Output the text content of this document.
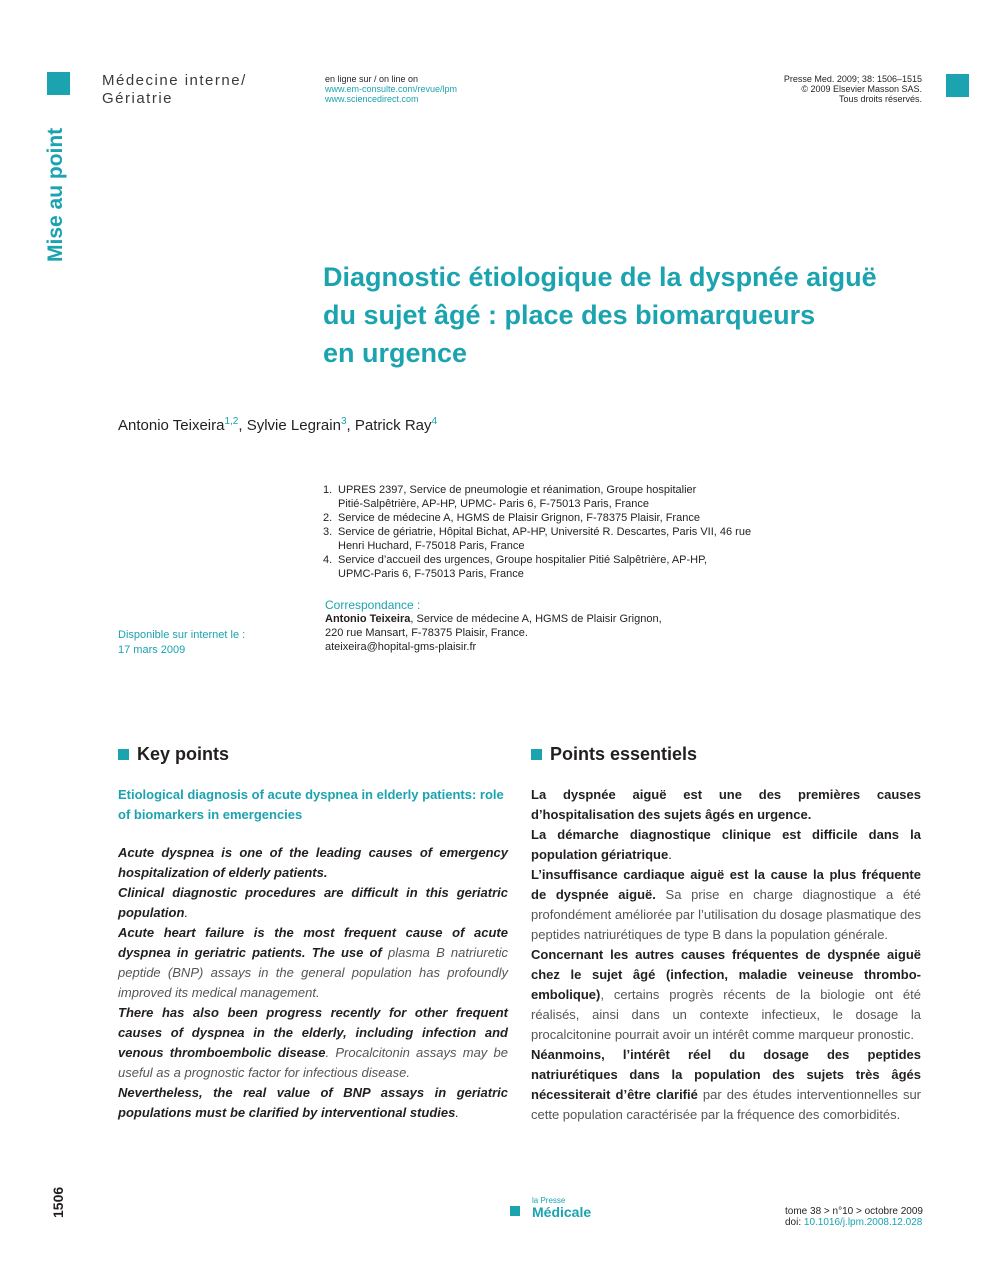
Médecine interne/
Gériatrie
en ligne sur / on line on
www.em-consulte.com/revue/lpm
www.sciencedirect.com
Presse Med. 2009; 38: 1506–1515
© 2009 Elsevier Masson SAS.
Tous droits réservés.
Mise au point
Diagnostic étiologique de la dyspnée aiguë
du sujet âgé : place des biomarqueurs
en urgence
Antonio Teixeira$^{1,2}$, Sylvie Legrain$^3$, Patrick Ray$^4$
1. UPRES 2397, Service de pneumologie et réanimation, Groupe hospitalier
Pitié-Salpêtrière, AP-HP, UPMC- Paris 6, F-75013 Paris, France
2. Service de médecine A, HGMS de Plaisir Grignon, F-78375 Plaisir, France
3. Service de gériatrie, Hôpital Bichat, AP-HP, Université R. Descartes, Paris VII, 46 rue
Henri Huchard, F-75018 Paris, France
4. Service d’accueil des urgences, Groupe hospitalier Pitié Salpêtrière, AP-HP,
UPMC-Paris 6, F-75013 Paris, France
Disponible sur internet le :
17 mars 2009
Correspondance :
Antonio Teixeira, Service de médecine A, HGMS de Plaisir Grignon,
220 rue Mansart, F-78375 Plaisir, France.
ateixeira@hopital-gms-plaisir.fr
Key points
Etiological diagnosis of acute dyspnea in elderly patients: role of biomarkers in emergencies

Acute dyspnea is one of the leading causes of emergency hospitalization of elderly patients.

Clinical diagnostic procedures are difficult in this geriatric population.

Acute heart failure is the most frequent cause of acute dyspnea in geriatric patients. The use of plasma B natriuretic peptide (BNP) assays in the general population has profoundly improved its medical management.

There has also been progress recently for other frequent causes of dyspnea in the elderly, including infection and venous thromboembolic disease. Procalcitonin assays may be useful as a prognostic factor for infectious disease.

Nevertheless, the real value of BNP assays in geriatric populations must be clarified by interventional studies.

Points essentiels

La dyspnée aiguë est une des premières causes d’hospitalisation des sujets âgés en urgence.

La démarche diagnostique clinique est difficile dans la population gériatrique.

L’insuffisance cardiaque aiguë est la cause la plus fréquente de dyspnée aiguë. Sa prise en charge diagnostique a été profondément améliorée par l’utilisation du dosage plasmatique des peptides natriurétiques de type B dans la population générale.

Concernant les autres causes fréquentes de dyspnée aiguë chez le sujet âgé (infection, maladie veineuse thrombo-embolique), certains progrès récents de la biologie ont été réalisés, ainsi dans un contexte infectieux, le dosage la procalcitonine pourrait avoir un intérêt comme marqueur pronostic.

Néanmoins, l’intérêt réel du dosage des peptides natriurétiques dans la population des sujets très âgés nécessiterait d’être clarifié par des études interventionnelles sur cette population caractérisée par la fréquence des comorbidités.

1506	la Presse
Médicale	tome 38 > n°10 > octobre 2009
doi: 10.1016/j.lpm.2008.12.028
